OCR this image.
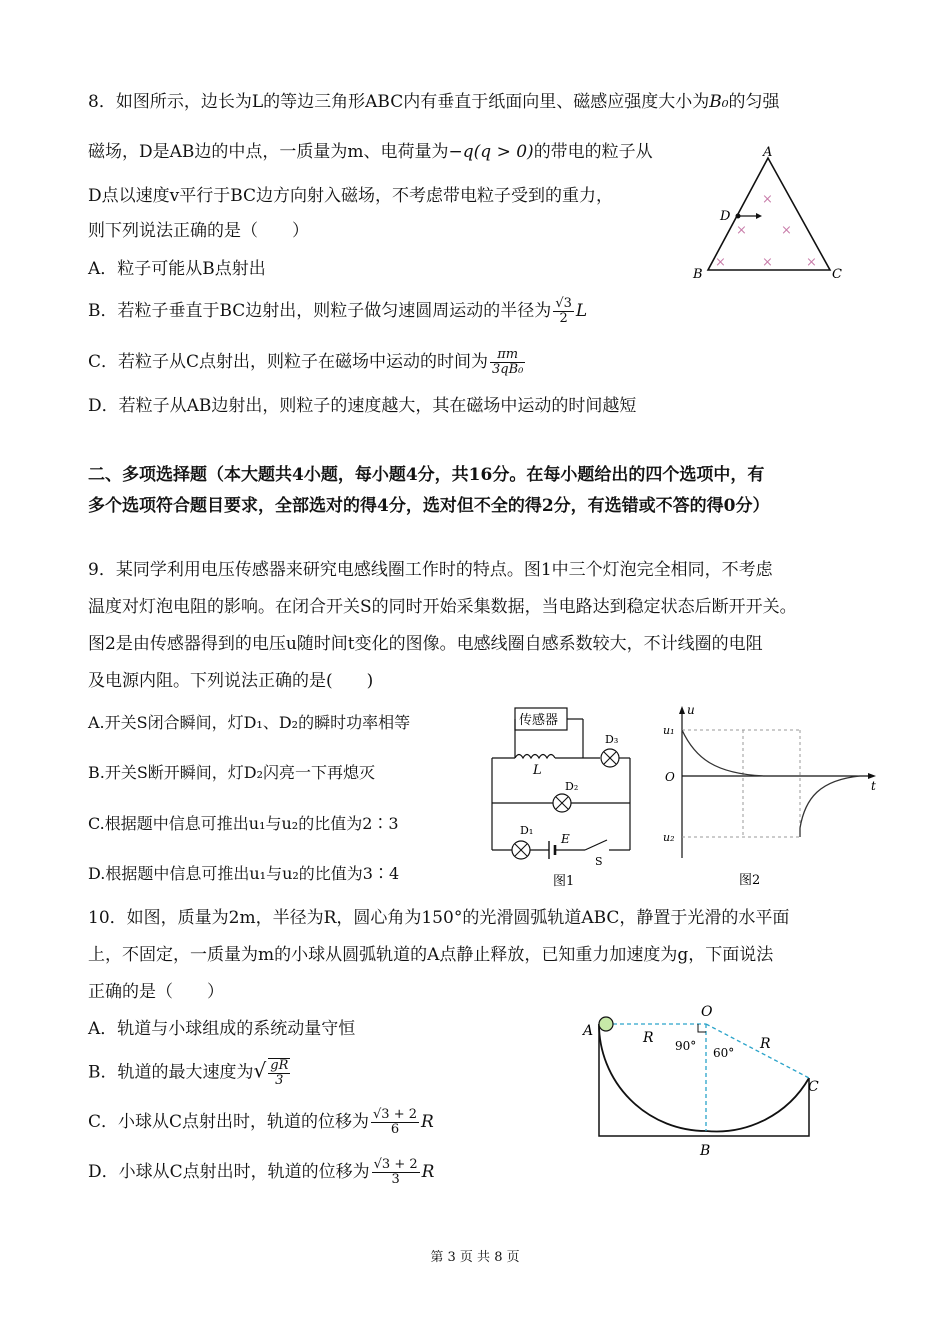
8．如图所示，边长为L的等边三角形ABC内有垂直于纸面向里、磁感应强度大小为B₀的匀强
磁场，D是AB边的中点，一质量为m、电荷量为−q(q > 0)的带电的粒子从
D点以速度v平行于BC边方向射入磁场，不考虑带电粒子受到的重力，
则下列说法正确的是（　　）
A．粒子可能从B点射出
B．若粒子垂直于BC边射出，则粒子做匀速圆周运动的半径为 $\frac{√3}{2}$ L
C．若粒子从C点射出，则粒子在磁场中运动的时间为 $\frac{\pi m}{\text{3qB₀}}$
D．若粒子从AB边射出，则粒子的速度越大，其在磁场中运动的时间越短
A
B	C
D
×
×	×
×	×	×
二、多项选择题（本大题共4小题，每小题4分，共16分。在每小题给出的四个选项中，有
多个选项符合题目要求，全部选对的得4分，选对但不全的得2分，有选错或不答的得0分）
9．某同学利用电压传感器来研究电感线圈工作时的特点。图1中三个灯泡完全相同，不考虑
温度对灯泡电阻的影响。在闭合开关S的同时开始采集数据，当电路达到稳定状态后断开开关。
图2是由传感器得到的电压u随时间t变化的图像。电感线圈自感系数较大，不计线圈的电阻
及电源内阻。下列说法正确的是(　　)
A.开关S闭合瞬间，灯D₁、D₂的瞬时功率相等
B.开关S断开瞬间，灯D₂闪亮一下再熄灭
C.根据题中信息可推出u₁与u₂的比值为2∶3
D.根据题中信息可推出u₁与u₂的比值为3∶4
传感器
L
D₃
D₂
D₁
E
S
图1
u
t
O
u₁
u₂
图2
10．如图，质量为2m，半径为R，圆心角为150°的光滑圆弧轨道ABC，静置于光滑的水平面
上，不固定，一质量为m的小球从圆弧轨道的A点静止释放，已知重力加速度为g，下面说法
正确的是（　　）
A．轨道与小球组成的系统动量守恒
B．轨道的最大速度为√ $\frac{gR}{3}$
C．小球从C点射出时，轨道的位移为 $\frac{√3 + 2}{6}$ R
D．小球从C点射出时，轨道的位移为 $\frac{√3 + 2}{3}$ R
A
O
B
C
R	R
90° 60°
第 3 页 共 8 页
